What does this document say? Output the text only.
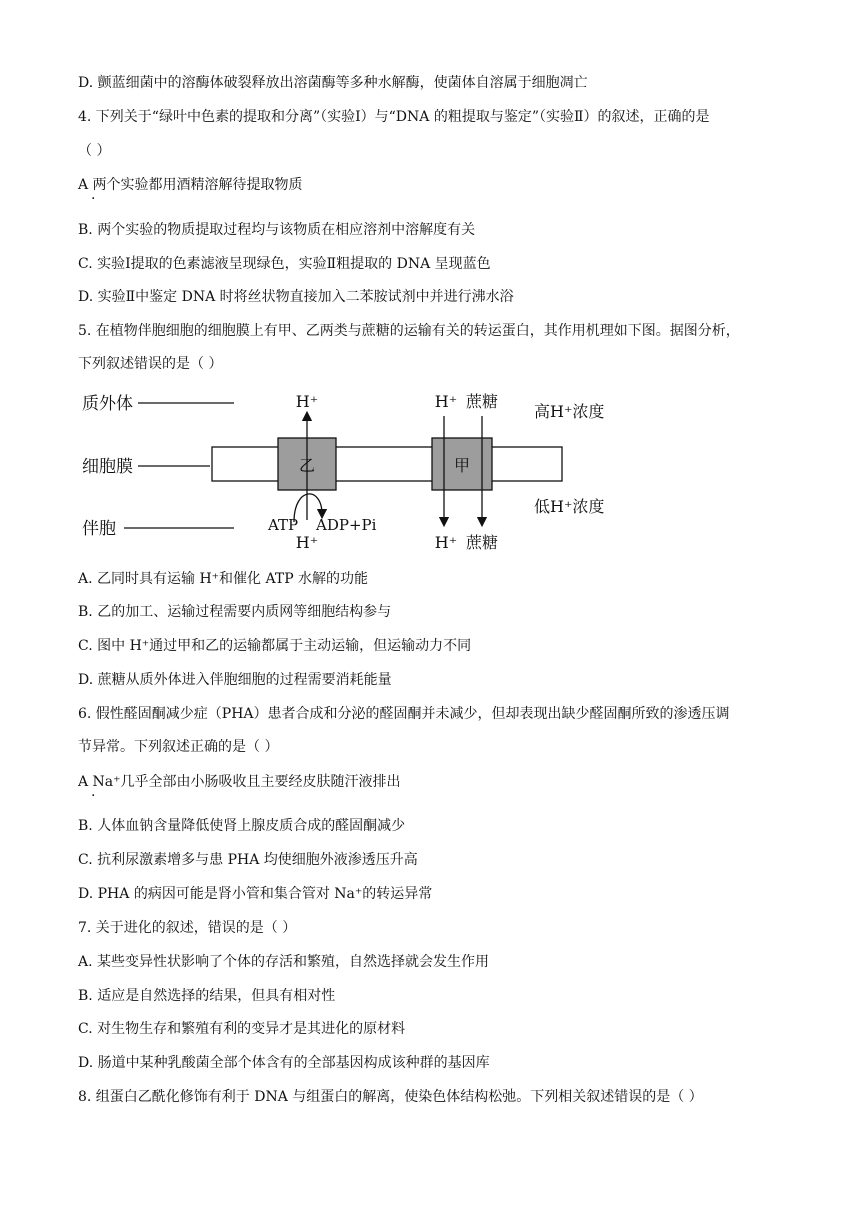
D. 颤蓝细菌中的溶酶体破裂释放出溶菌酶等多种水解酶，使菌体自溶属于细胞凋亡
4. 下列关于“绿叶中色素的提取和分离”（实验Ⅰ）与“DNA 的粗提取与鉴定”（实验Ⅱ）的叙述，正确的是
（ ）
A 两个实验都用酒精溶解待提取物质
·
B. 两个实验的物质提取过程均与该物质在相应溶剂中溶解度有关
C. 实验Ⅰ提取的色素滤液呈现绿色，实验Ⅱ粗提取的 DNA 呈现蓝色
D. 实验Ⅱ中鉴定 DNA 时将丝状物直接加入二苯胺试剂中并进行沸水浴
5. 在植物伴胞细胞的细胞膜上有甲、乙两类与蔗糖的运输有关的转运蛋白，其作用机理如下图。据图分析，
下列叙述错误的是（ ）
质外体
细胞膜
伴胞
乙	甲
H⁺
ATP ADP+Pi
H⁺
H⁺ 蔗糖
H⁺ 蔗糖
高H⁺浓度
低H⁺浓度
A. 乙同时具有运输 H⁺和催化 ATP 水解的功能
B. 乙的加工、运输过程需要内质网等细胞结构参与
C. 图中 H⁺通过甲和乙的运输都属于主动运输，但运输动力不同
D. 蔗糖从质外体进入伴胞细胞的过程需要消耗能量
6. 假性醛固酮减少症（PHA）患者合成和分泌的醛固酮并未减少，但却表现出缺少醛固酮所致的渗透压调
节异常。下列叙述正确的是（ ）
A Na⁺几乎全部由小肠吸收且主要经皮肤随汗液排出
·
B. 人体血钠含量降低使肾上腺皮质合成的醛固酮减少
C. 抗利尿激素增多与患 PHA 均使细胞外液渗透压升高
D. PHA 的病因可能是肾小管和集合管对 Na⁺的转运异常
7. 关于进化的叙述，错误的是（ ）
A. 某些变异性状影响了个体的存活和繁殖，自然选择就会发生作用
B. 适应是自然选择的结果，但具有相对性
C. 对生物生存和繁殖有利的变异才是其进化的原材料
D. 肠道中某种乳酸菌全部个体含有的全部基因构成该种群的基因库
8. 组蛋白乙酰化修饰有利于 DNA 与组蛋白的解离，使染色体结构松弛。下列相关叙述错误的是（ ）
